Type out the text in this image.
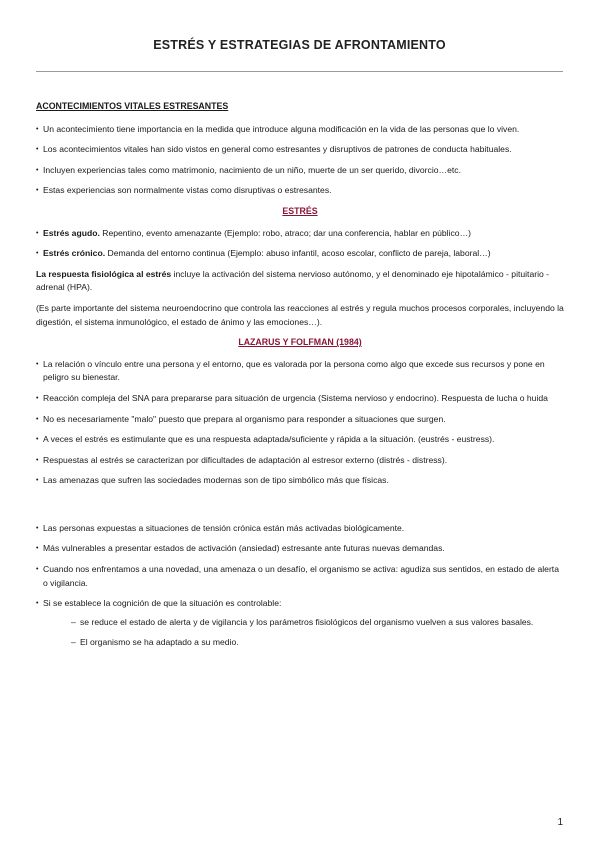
ESTRÉS Y ESTRATEGIAS DE AFRONTAMIENTO
ACONTECIMIENTOS VITALES ESTRESANTES
• Un acontecimiento tiene importancia en la medida que introduce alguna modificación en la vida de las personas que lo viven.
• Los acontecimientos vitales han sido vistos en general como estresantes y disruptivos de patrones de conducta habituales.
• Incluyen experiencias tales como matrimonio, nacimiento de un niño, muerte de un ser querido, divorcio…etc.
• Estas experiencias son normalmente vistas como disruptivas o estresantes.
ESTRÉS
• Estrés agudo. Repentino, evento amenazante (Ejemplo: robo, atraco; dar una conferencia, hablar en público…)
• Estrés crónico. Demanda del entorno continua (Ejemplo: abuso infantil, acoso escolar, conflicto de pareja, laboral…)

La respuesta fisiológica al estrés incluye la activación del sistema nervioso autónomo, y el denominado eje hipotalámico - pituitario - adrenal (HPA).

(Es parte importante del sistema neuroendocrino que controla las reacciones al estrés y regula muchos procesos corporales, incluyendo la digestión, el sistema inmunológico, el estado de ánimo y las emociones…).

LAZARUS Y FOLFMAN (1984)
• La relación o vínculo entre una persona y el entorno, que es valorada por la persona como algo que excede sus recursos y pone en peligro su bienestar.
• Reacción compleja del SNA para prepararse para situación de urgencia (Sistema nervioso y endocrino). Respuesta de lucha o huida
• No es necesariamente "malo" puesto que prepara al organismo para responder a situaciones que surgen.
• A veces el estrés es estimulante que es una respuesta adaptada/suficiente y rápida a la situación. (eustrés - eustress).
• Respuestas al estrés se caracterizan por dificultades de adaptación al estresor externo (distrés - distress).
• Las amenazas que sufren las sociedades modernas son de tipo simbólico más que físicas.
• Las personas expuestas a situaciones de tensión crónica están más activadas biológicamente.
• Más vulnerables a presentar estados de activación (ansiedad) estresante ante futuras nuevas demandas.
• Cuando nos enfrentamos a una novedad, una amenaza o un desafío, el organismo se activa: agudiza sus sentidos, en estado de alerta o vigilancia.
• Si se establece la cognición de que la situación es controlable:
– se reduce el estado de alerta y de vigilancia y los parámetros fisiológicos del organismo vuelven a sus valores basales.
– El organismo se ha adaptado a su medio.
1
